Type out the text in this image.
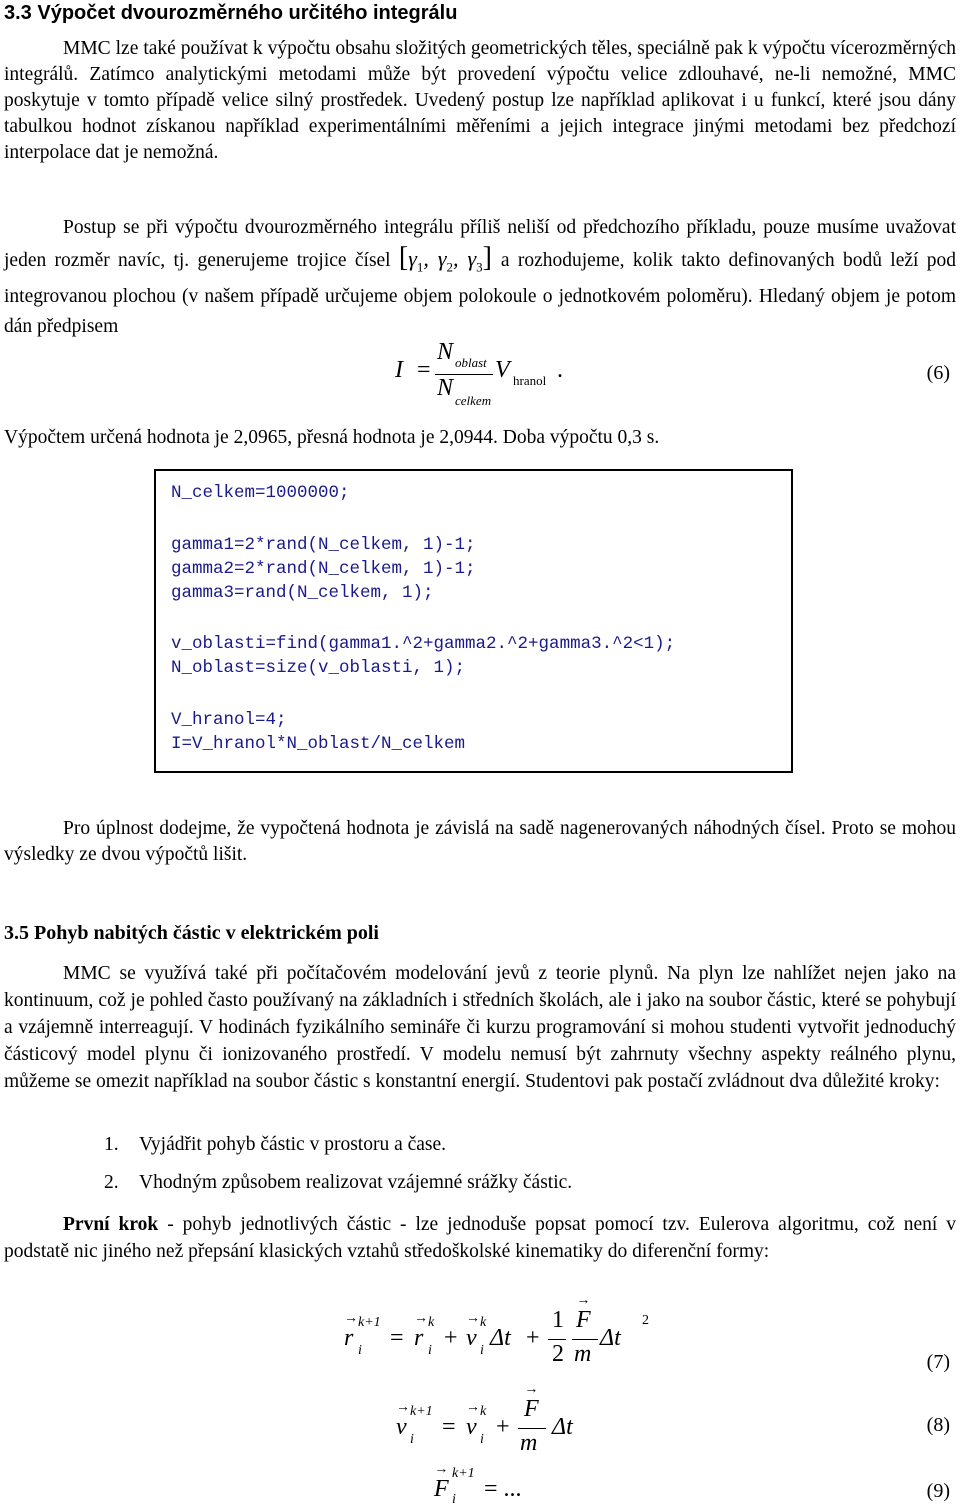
3.3 Výpočet dvourozměrného určitého integrálu
MMC lze také používat k výpočtu obsahu složitých geometrických těles, speciálně pak k výpočtu vícerozměrných integrálů. Zatímco analytickými metodami může být provedení výpočtu velice zdlouhavé, ne-li nemožné, MMC poskytuje v tomto případě velice silný prostředek. Uvedený postup lze například aplikovat i u funkcí, které jsou dány tabulkou hodnot získanou například experimentálními měřeními a jejich integrace jinými metodami bez předchozí interpolace dat je nemožná.
Postup se při výpočtu dvourozměrného integrálu příliš neliší od předchozího příkladu, pouze musíme uvažovat jeden rozměr navíc, tj. generujeme trojice čísel [$\gamma_1$, $\gamma_2$, $\gamma_3$] a rozhodujeme, kolik takto definovaných bodů leží pod integrovanou plochou (v našem případě určujeme objem polokoule o jednotkovém poloměru). Hledaný objem je potom dán předpisem
I =
N oblast
N celkem
V hranol .	(6)
Výpočtem určená hodnota je 2,0965, přesná hodnota je 2,0944. Doba výpočtu 0,3 s.
N_celkem=1000000;
gamma1=2*rand(N_celkem, 1)-1;
gamma2=2*rand(N_celkem, 1)-1;
gamma3=rand(N_celkem, 1);
v_oblasti=find(gamma1.^2+gamma2.^2+gamma3.^2<1);
N_oblast=size(v_oblasti, 1);
V_hranol=4;
I=V_hranol*N_oblast/N_celkem
Pro úplnost dodejme, že vypočtená hodnota je závislá na sadě nagenerovaných náhodných čísel. Proto se mohou výsledky ze dvou výpočtů lišit.
3.5 Pohyb nabitých částic v elektrickém poli
MMC se využívá také při počítačovém modelování jevů z teorie plynů. Na plyn lze nahlížet nejen jako na kontinuum, což je pohled často používaný na základních i středních školách, ale i jako na soubor částic, které se pohybují a vzájemně interreagují. V hodinách fyzikálního semináře či kurzu programování si mohou studenti vytvořit jednoduchý částicový model plynu či ionizovaného prostředí. V modelu nemusí být zahrnuty všechny aspekty reálného plynu, můžeme se omezit například na soubor částic s konstantní energií. Studentovi pak postačí zvládnout dva důležité kroky:
1. Vyjádřit pohyb částic v prostoru a čase.
2. Vhodným způsobem realizovat vzájemné srážky částic.
První krok - pohyb jednotlivých částic - lze jednoduše popsat pomocí tzv. Eulerova algoritmu, což není v podstatě nic jiného než přepsání klasických vztahů středoškolské kinematiky do diferenční formy:
→ r
k+1
i = → r
k
i + → v
k
i Δt +
1
2
→ F
m
Δt
2
(7)
→ v
k+1
i = → v
k
i +
→ F
m
Δt	(8)
→ F
k+1
i = ...	(9)
